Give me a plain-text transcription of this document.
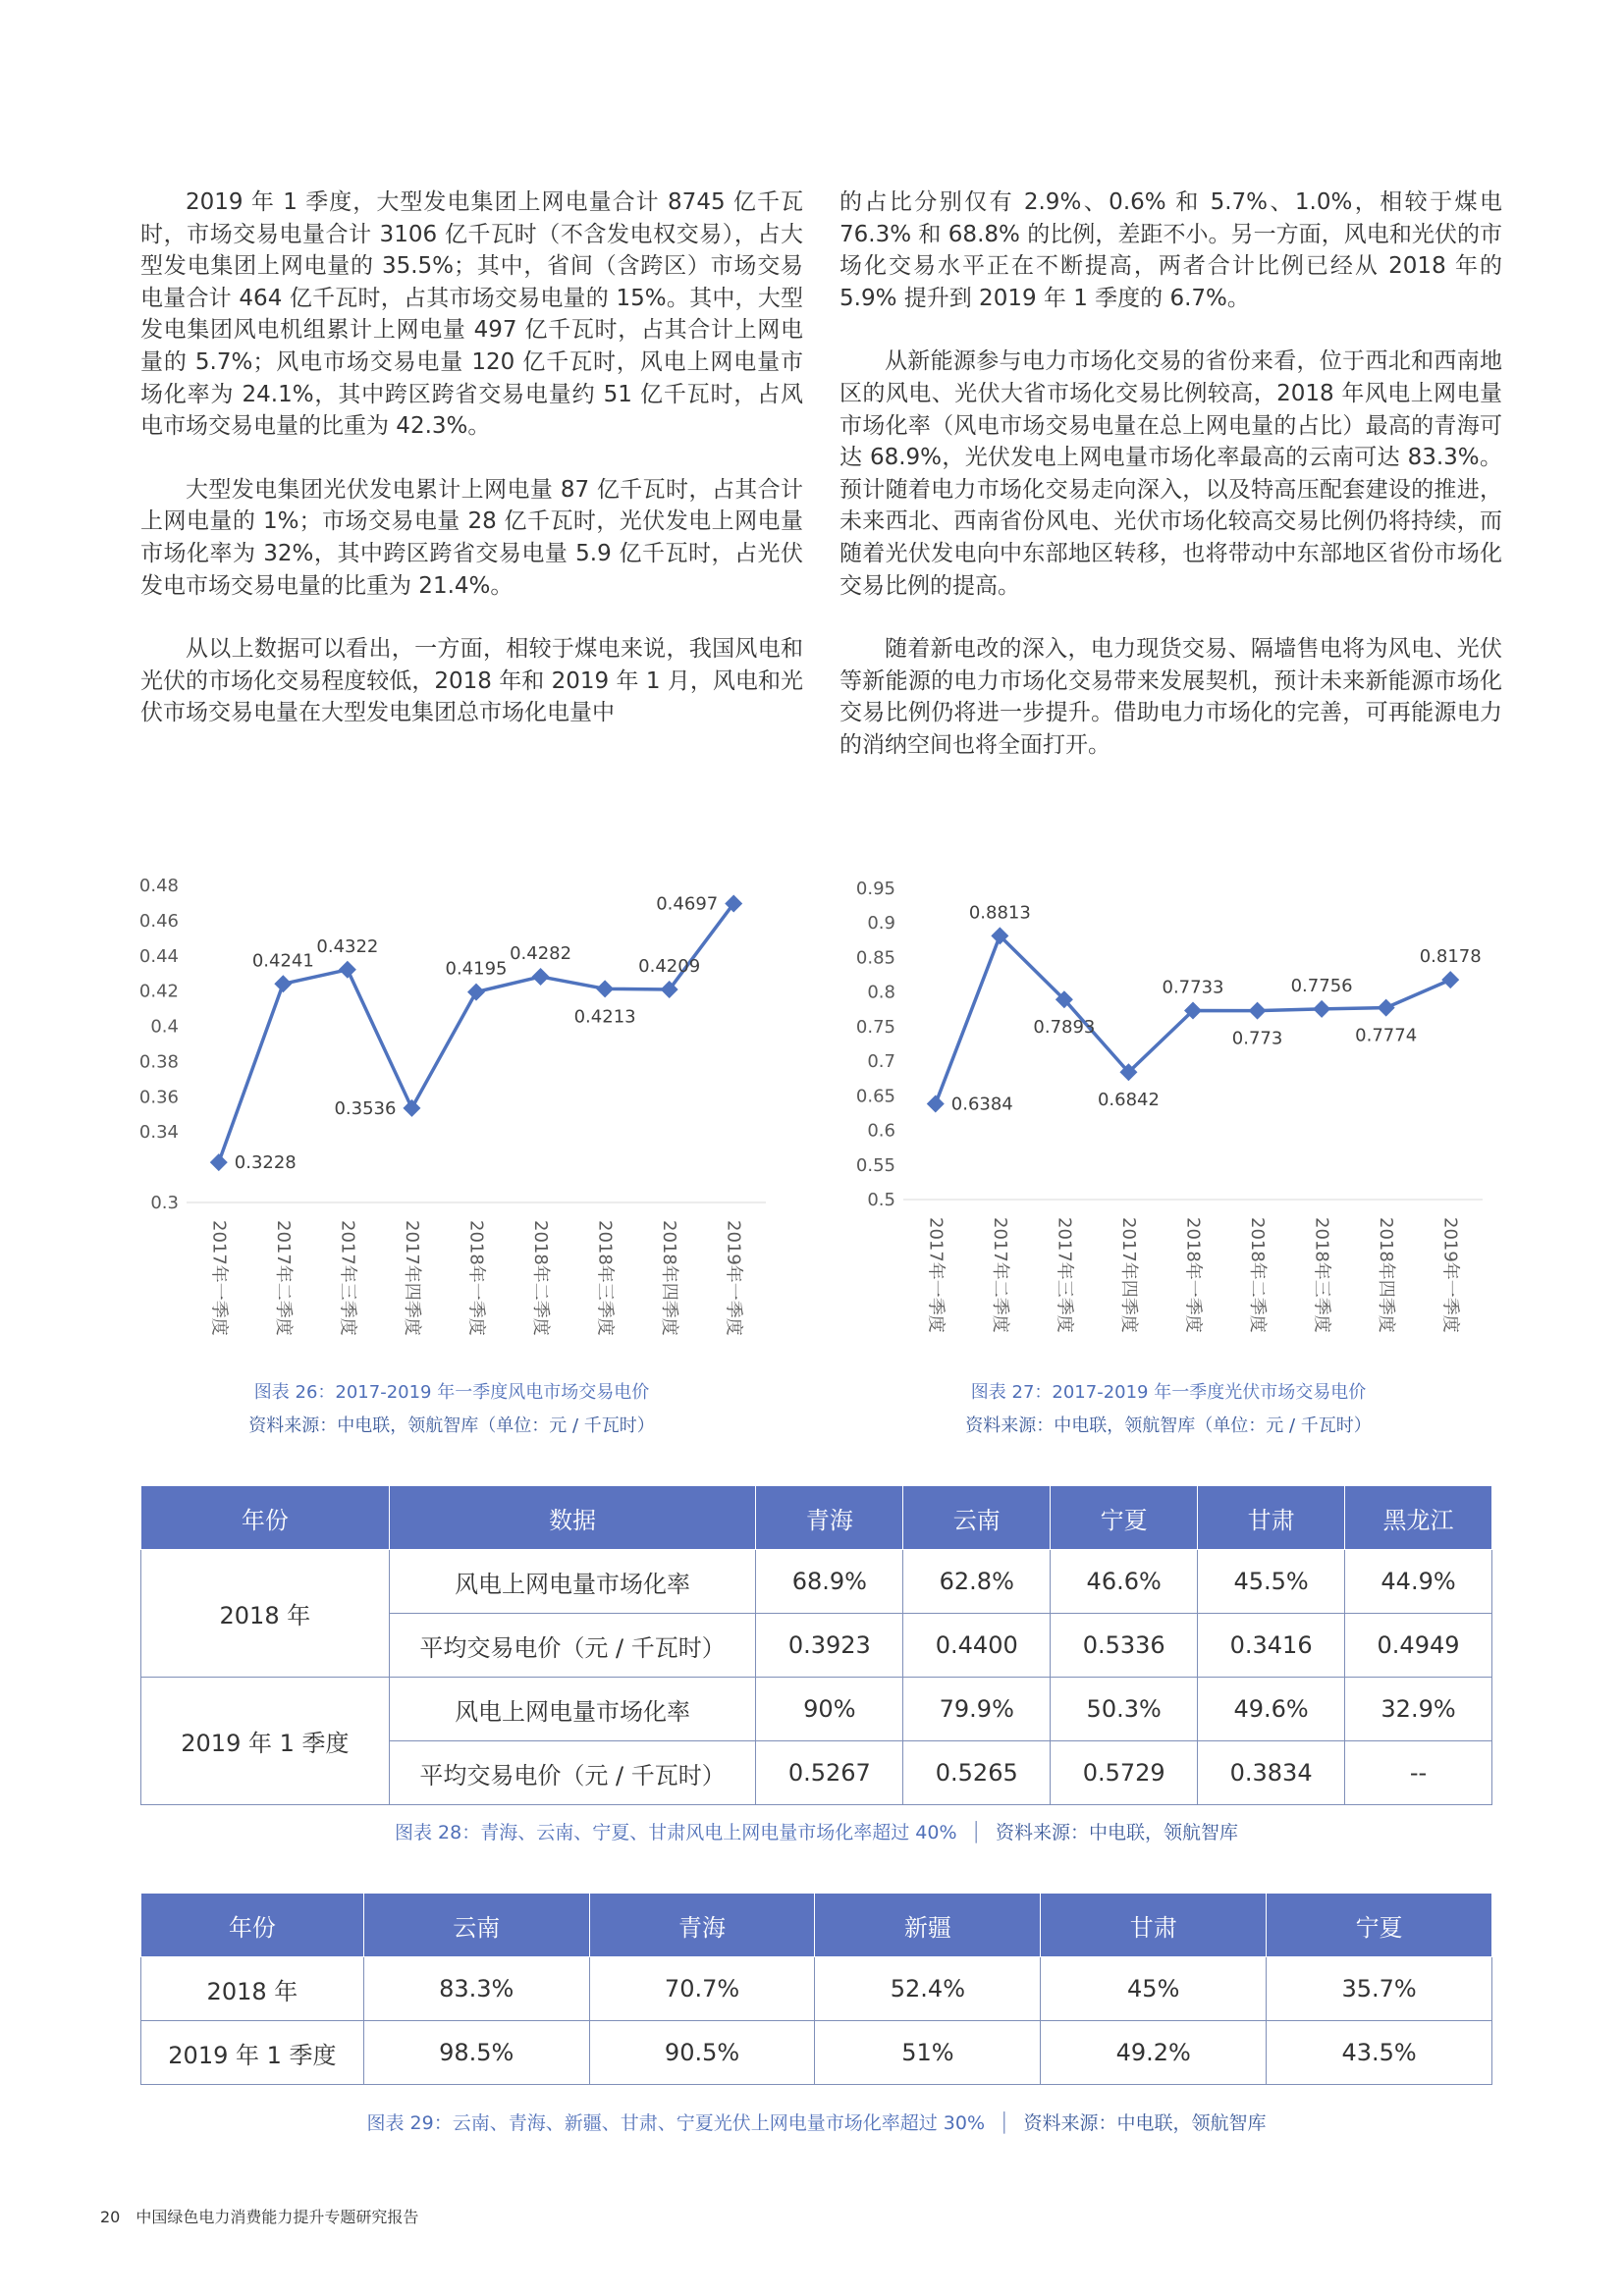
2019 年 1 季度，大型发电集团上网电量合计 8745 亿千瓦时，市场交易电量合计 3106 亿千瓦时（不含发电权交易），占大型发电集团上网电量的 35.5%；其中，省间（含跨区）市场交易电量合计 464 亿千瓦时，占其市场交易电量的 15%。其中，大型发电集团风电机组累计上网电量 497 亿千瓦时，占其合计上网电量的 5.7%；风电市场交易电量 120 亿千瓦时，风电上网电量市场化率为 24.1%，其中跨区跨省交易电量约 51 亿千瓦时，占风电市场交易电量的比重为 42.3%。

大型发电集团光伏发电累计上网电量 87 亿千瓦时，占其合计上网电量的 1%；市场交易电量 28 亿千瓦时，光伏发电上网电量市场化率为 32%，其中跨区跨省交易电量 5.9 亿千瓦时，占光伏发电市场交易电量的比重为 21.4%。

从以上数据可以看出，一方面，相较于煤电来说，我国风电和光伏的市场化交易程度较低，2018 年和 2019 年 1 月，风电和光伏市场交易电量在大型发电集团总市场化电量中

的占比分别仅有 2.9%、0.6% 和 5.7%、1.0%，相较于煤电 76.3% 和 68.8% 的比例，差距不小。另一方面，风电和光伏的市场化交易水平正在不断提高，两者合计比例已经从 2018 年的 5.9% 提升到 2019 年 1 季度的 6.7%。

从新能源参与电力市场化交易的省份来看，位于西北和西南地区的风电、光伏大省市场化交易比例较高，2018 年风电上网电量市场化率（风电市场交易电量在总上网电量的占比）最高的青海可达 68.9%，光伏发电上网电量市场化率最高的云南可达 83.3%。预计随着电力市场化交易走向深入，以及特高压配套建设的推进，未来西北、西南省份风电、光伏市场化较高交易比例仍将持续，而随着光伏发电向中东部地区转移，也将带动中东部地区省份市场化交易比例的提高。

随着新电改的深入，电力现货交易、隔墙售电将为风电、光伏等新能源的电力市场化交易带来发展契机，预计未来新能源市场化交易比例仍将进一步提升。借助电力市场化的完善，可再能源电力的消纳空间也将全面打开。

0.48
0.46
0.44
0.42
0.4
0.38
0.36
0.34
0.3
0.3228
0.4241
0.4322
0.3536
0.4195
0.4282
0.4213
0.4209
0.4697
2017年一季度 2017年二季度 2017年三季度 2017年四季度 2018年一季度 2018年二季度 2018年三季度 2018年四季度 2019年一季度
0.95
0.9
0.85
0.8
0.75
0.7
0.65
0.6
0.55
0.5
0.6384
0.8813
0.7893
0.6842
0.7733
0.773
0.7756
0.7774
0.8178
2017年一季度 2017年二季度 2017年三季度 2017年四季度 2018年一季度 2018年二季度 2018年三季度 2018年四季度 2019年一季度
图表 26：2017-2019 年一季度风电市场交易电价
资料来源：中电联，领航智库（单位：元 / 千瓦时）
图表 27：2017-2019 年一季度光伏市场交易电价
资料来源：中电联，领航智库（单位：元 / 千瓦时）
年份	数据	青海	云南	宁夏	甘肃	黑龙江
2018 年	风电上网电量市场化率	68.9%	62.8%	46.6%	45.5%	44.9%
	平均交易电价（元 / 千瓦时）	0.3923	0.4400	0.5336	0.3416	0.4949
2019 年 1 季度	风电上网电量市场化率	90%	79.9%	50.3%	49.6%	32.9%
	平均交易电价（元 / 千瓦时）	0.5267	0.5265	0.5729	0.3834	--
图表 28：青海、云南、宁夏、甘肃风电上网电量市场化率超过 40% │ 资料来源：中电联，领航智库
年份	云南	青海	新疆	甘肃	宁夏
2018 年	83.3%	70.7%	52.4%	45%	35.7%
2019 年 1 季度	98.5%	90.5%	51%	49.2%	43.5%
图表 29：云南、青海、新疆、甘肃、宁夏光伏上网电量市场化率超过 30% │ 资料来源：中电联，领航智库
20 中国绿色电力消费能力提升专题研究报告
